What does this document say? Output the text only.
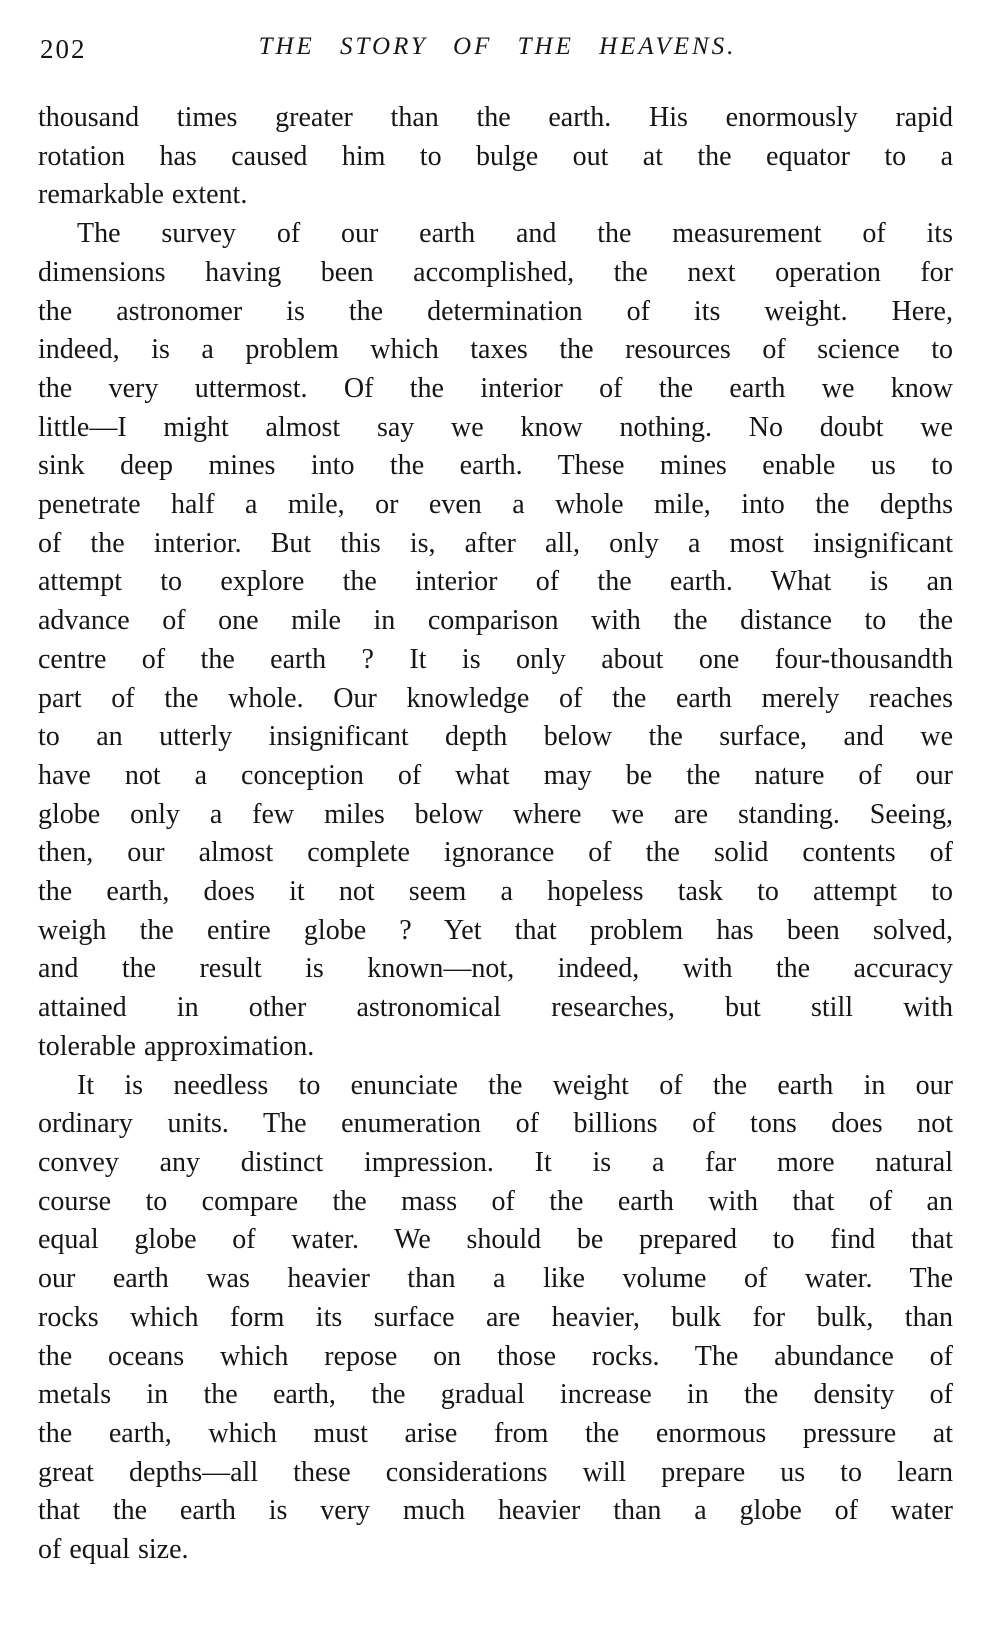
202	THE STORY OF THE HEAVENS.
thousand times greater than the earth. His enormously rapid
rotation has caused him to bulge out at the equator to a
remarkable extent.
The survey of our earth and the measurement of its
dimensions having been accomplished, the next operation for
the astronomer is the determination of its weight. Here,
indeed, is a problem which taxes the resources of science to
the very uttermost. Of the interior of the earth we know
little—I might almost say we know nothing. No doubt we
sink deep mines into the earth. These mines enable us to
penetrate half a mile, or even a whole mile, into the depths
of the interior. But this is, after all, only a most insignificant
attempt to explore the interior of the earth. What is an
advance of one mile in comparison with the distance to the
centre of the earth ? It is only about one four-thousandth
part of the whole. Our knowledge of the earth merely reaches
to an utterly insignificant depth below the surface, and we
have not a conception of what may be the nature of our
globe only a few miles below where we are standing. Seeing,
then, our almost complete ignorance of the solid contents of
the earth, does it not seem a hopeless task to attempt to
weigh the entire globe ? Yet that problem has been solved,
and the result is known—not, indeed, with the accuracy
attained in other astronomical researches, but still with
tolerable approximation.
It is needless to enunciate the weight of the earth in our
ordinary units. The enumeration of billions of tons does not
convey any distinct impression. It is a far more natural
course to compare the mass of the earth with that of an
equal globe of water. We should be prepared to find that
our earth was heavier than a like volume of water. The
rocks which form its surface are heavier, bulk for bulk, than
the oceans which repose on those rocks. The abundance of
metals in the earth, the gradual increase in the density of
the earth, which must arise from the enormous pressure at
great depths—all these considerations will prepare us to learn
that the earth is very much heavier than a globe of water
of equal size.
